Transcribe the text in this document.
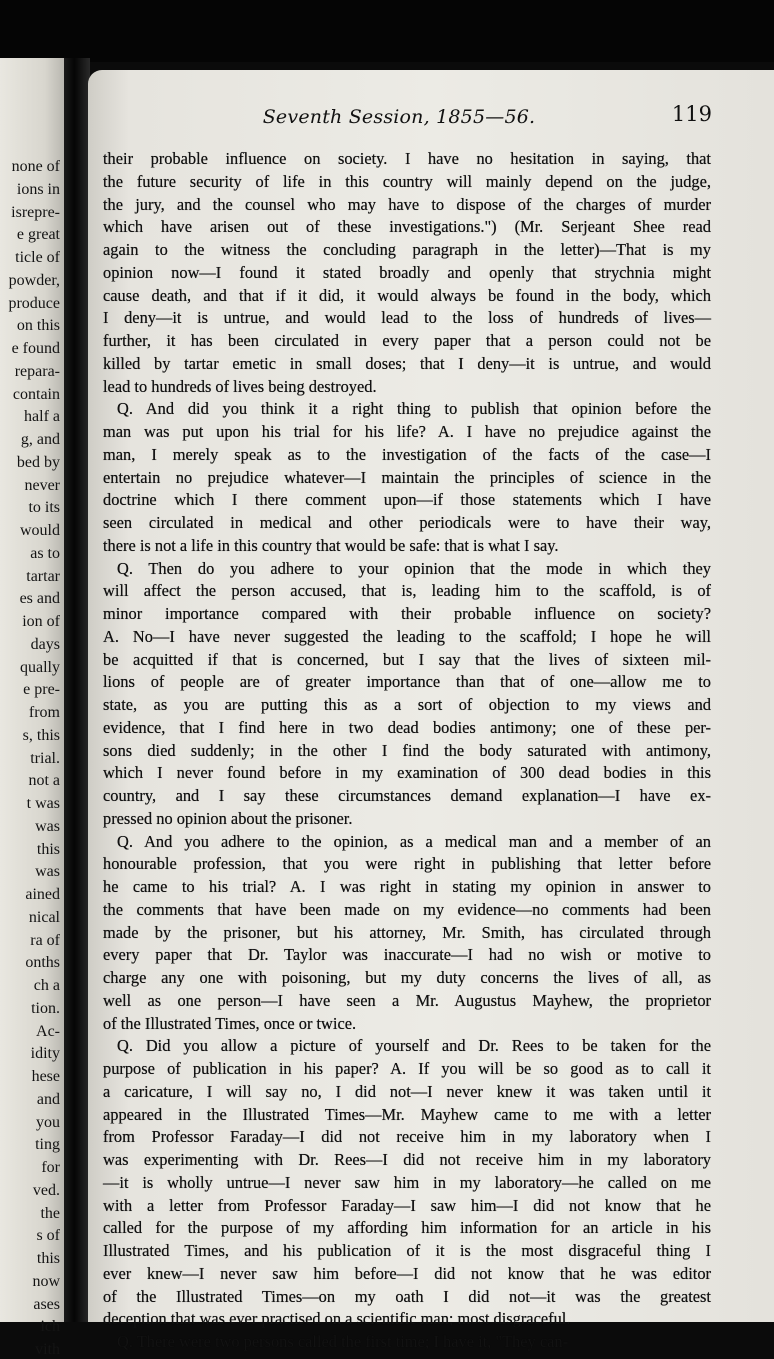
none of
ions in
isrepre-
e great
ticle of
powder,
produce
on this
e found
repara-
contain
half a
g, and
bed by
never
to its
would
as to
tartar
es and
ion of
days
qually
e pre-
from
s, this
trial.
not a
t was
was
this
was
ained
nical
ra of
onths
ch a
tion.
Ac-
idity
hese
and
you
ting
for
ved.
the
s of
this
now
ases
ich
vith
Seventh Session, 1855—56.	119
their probable influence on society. I have no hesitation in saying, that
the future security of life in this country will mainly depend on the judge,
the jury, and the counsel who may have to dispose of the charges of murder
which have arisen out of these investigations.") (Mr. Serjeant Shee read
again to the witness the concluding paragraph in the letter)—That is my
opinion now—I found it stated broadly and openly that strychnia might
cause death, and that if it did, it would always be found in the body, which
I deny—it is untrue, and would lead to the loss of hundreds of lives—
further, it has been circulated in every paper that a person could not be
killed by tartar emetic in small doses; that I deny—it is untrue, and would
lead to hundreds of lives being destroyed.
Q. And did you think it a right thing to publish that opinion before the
man was put upon his trial for his life? A. I have no prejudice against the
man, I merely speak as to the investigation of the facts of the case—I
entertain no prejudice whatever—I maintain the principles of science in the
doctrine which I there comment upon—if those statements which I have
seen circulated in medical and other periodicals were to have their way,
there is not a life in this country that would be safe: that is what I say.
Q. Then do you adhere to your opinion that the mode in which they
will affect the person accused, that is, leading him to the scaffold, is of
minor importance compared with their probable influence on society?
A. No—I have never suggested the leading to the scaffold; I hope he will
be acquitted if that is concerned, but I say that the lives of sixteen mil-
lions of people are of greater importance than that of one—allow me to
state, as you are putting this as a sort of objection to my views and
evidence, that I find here in two dead bodies antimony; one of these per-
sons died suddenly; in the other I find the body saturated with antimony,
which I never found before in my examination of 300 dead bodies in this
country, and I say these circumstances demand explanation—I have ex-
pressed no opinion about the prisoner.
Q. And you adhere to the opinion, as a medical man and a member of an
honourable profession, that you were right in publishing that letter before
he came to his trial? A. I was right in stating my opinion in answer to
the comments that have been made on my evidence—no comments had been
made by the prisoner, but his attorney, Mr. Smith, has circulated through
every paper that Dr. Taylor was inaccurate—I had no wish or motive to
charge any one with poisoning, but my duty concerns the lives of all, as
well as one person—I have seen a Mr. Augustus Mayhew, the proprietor
of the Illustrated Times, once or twice.
Q. Did you allow a picture of yourself and Dr. Rees to be taken for the
purpose of publication in his paper? A. If you will be so good as to call it
a caricature, I will say no, I did not—I never knew it was taken until it
appeared in the Illustrated Times—Mr. Mayhew came to me with a letter
from Professor Faraday—I did not receive him in my laboratory when I
was experimenting with Dr. Rees—I did not receive him in my laboratory
—it is wholly untrue—I never saw him in my laboratory—he called on me
with a letter from Professor Faraday—I saw him—I did not know that he
called for the purpose of my affording him information for an article in his
Illustrated Times, and his publication of it is the most disgraceful thing I
ever knew—I never saw him before—I did not know that he was editor
of the Illustrated Times—on my oath I did not—it was the greatest
deception that was ever practised on a scientific man; most disgraceful.
Q. There were two persons called the first time; I have it, "They can-
